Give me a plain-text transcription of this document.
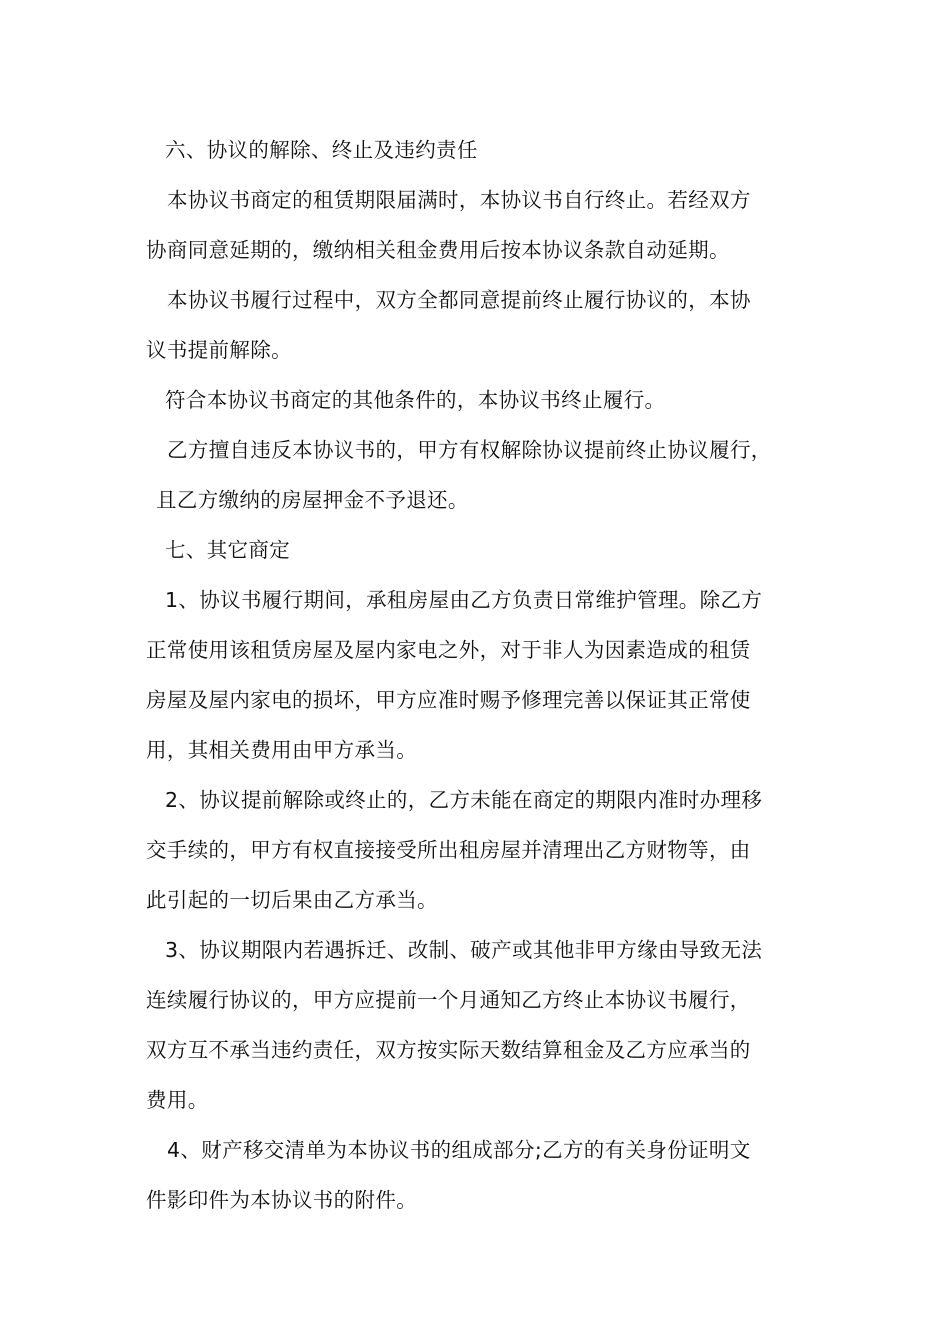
六、协议的解除、终止及违约责任
本协议书商定的租赁期限届满时，本协议书自行终止。若经双方
协商同意延期的，缴纳相关租金费用后按本协议条款自动延期。
本协议书履行过程中，双方全都同意提前终止履行协议的，本协
议书提前解除。
符合本协议书商定的其他条件的，本协议书终止履行。
乙方擅自违反本协议书的，甲方有权解除协议提前终止协议履行，
且乙方缴纳的房屋押金不予退还。
七、其它商定
1、协议书履行期间，承租房屋由乙方负责日常维护管理。除乙方
正常使用该租赁房屋及屋内家电之外，对于非人为因素造成的租赁
房屋及屋内家电的损坏，甲方应准时赐予修理完善以保证其正常使
用，其相关费用由甲方承当。
2、协议提前解除或终止的，乙方未能在商定的期限内准时办理移
交手续的，甲方有权直接接受所出租房屋并清理出乙方财物等，由
此引起的一切后果由乙方承当。
3、协议期限内若遇拆迁、改制、破产或其他非甲方缘由导致无法
连续履行协议的，甲方应提前一个月通知乙方终止本协议书履行，
双方互不承当违约责任，双方按实际天数结算租金及乙方应承当的
费用。
4、财产移交清单为本协议书的组成部分;乙方的有关身份证明文
件影印件为本协议书的附件。
